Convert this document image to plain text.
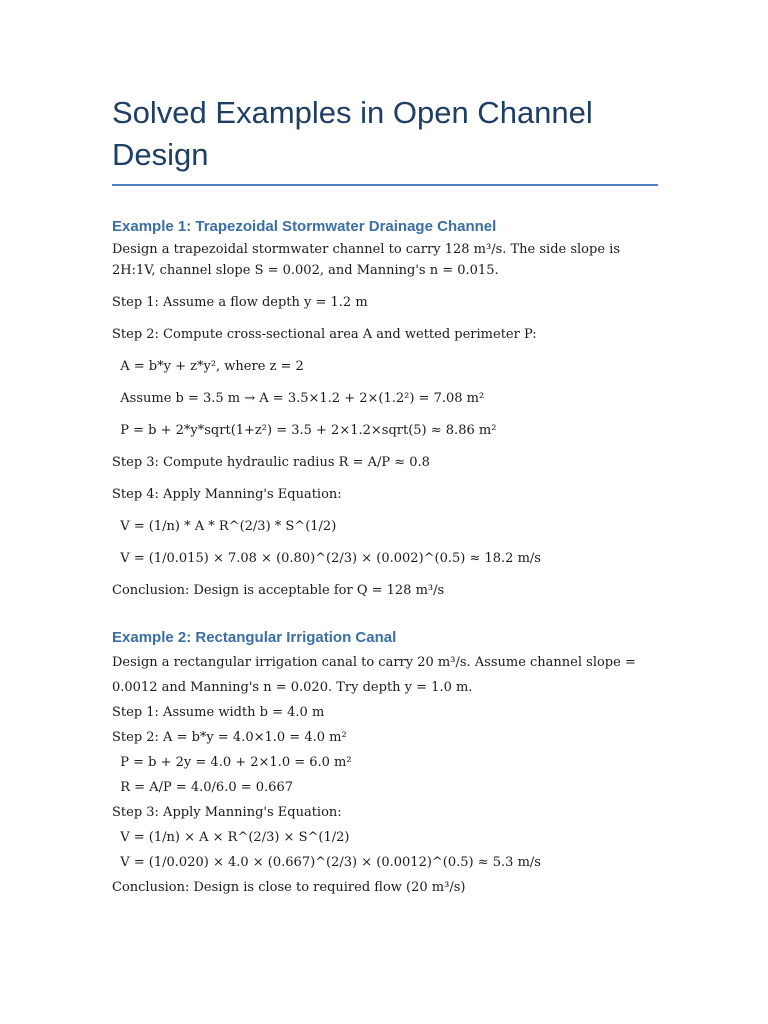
Solved Examples in Open Channel Design
Example 1: Trapezoidal Stormwater Drainage Channel

Design a trapezoidal stormwater channel to carry 128 m³/s. The side slope is 2H:1V, channel slope S = 0.002, and Manning's n = 0.015.

Step 1: Assume a flow depth y = 1.2 m

Step 2: Compute cross-sectional area A and wetted perimeter P:

A = b*y + z*y², where z = 2

Assume b = 3.5 m → A = 3.5×1.2 + 2×(1.2²) = 7.08 m²

P = b + 2*y*sqrt(1+z²) = 3.5 + 2×1.2×sqrt(5) ≈ 8.86 m²

Step 3: Compute hydraulic radius R = A/P ≈ 0.8

Step 4: Apply Manning's Equation:

V = (1/n) * A * R^(2/3) * S^(1/2)

V = (1/0.015) × 7.08 × (0.80)^(2/3) × (0.002)^(0.5) ≈ 18.2 m/s

Conclusion: Design is acceptable for Q = 128 m³/s

Example 2: Rectangular Irrigation Canal

Design a rectangular irrigation canal to carry 20 m³/s. Assume channel slope = 0.0012 and Manning's n = 0.020. Try depth y = 1.0 m.

Step 1: Assume width b = 4.0 m

Step 2: A = b*y = 4.0×1.0 = 4.0 m²

P = b + 2y = 4.0 + 2×1.0 = 6.0 m²

R = A/P = 4.0/6.0 = 0.667

Step 3: Apply Manning's Equation:

V = (1/n) × A × R^(2/3) × S^(1/2)

V = (1/0.020) × 4.0 × (0.667)^(2/3) × (0.0012)^(0.5) ≈ 5.3 m/s

Conclusion: Design is close to required flow (20 m³/s)
